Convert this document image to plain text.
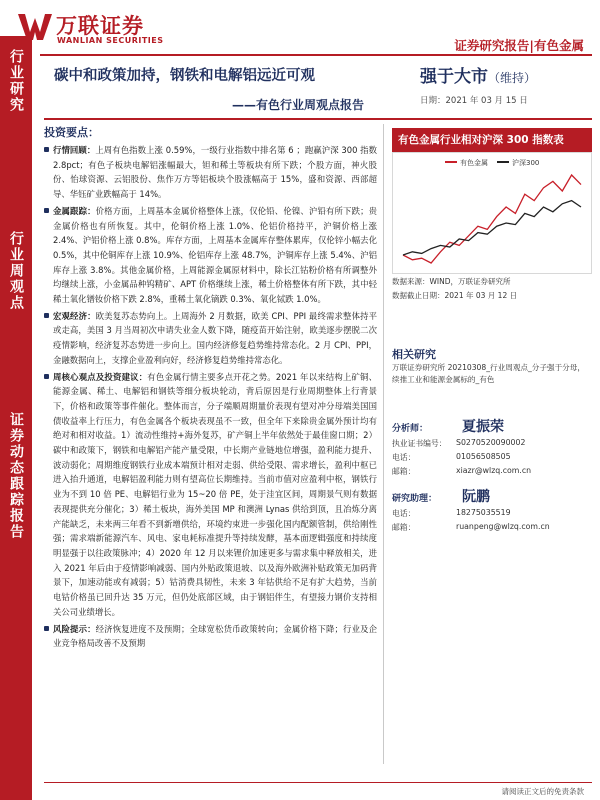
万联证券
WANLIAN SECURITIES	证券研究报告|有色金属
行业研究
行业周观点
证券动态跟踪报告
碳中和政策加持，钢铁和电解铝远近可观
——有色行业周观点报告
强于大市（维持）
日期：2021 年 03 月 15 日
投资要点：
行情回顾：上周有色指数上涨 0.59%，一级行业指数中排名第 6 ；跑赢沪深 300 指数 2.8pct；有色子板块电解铝涨幅最大，钽和稀土等板块有所下跌；个股方面，神火股份、怡球资源、云铝股份、焦作万方等铝板块个股涨幅高于 15%，盛和资源、西部超导、华钰矿业跌幅高于 14%。
金属跟踪：价格方面，上周基本金属价格整体上涨，仅伦铅、伦镍、沪铅有所下跌；贵金属价格也有所恢复。其中，伦铜价格上涨 1.0%、伦铝价格持平，沪铜价格上涨 2.4%、沪铝价格上涨 0.8%。库存方面，上周基本金属库存整体累库，仅伦锌小幅去化 0.5%，其中伦铜库存上涨 10.9%、伦铝库存上涨 48.7%，沪铜库存上涨 5.4%、沪铝库存上涨 3.8%。其他金属价格，上周能源金属原材料中，除长江钴粉价格有所调整外均继续上涨，小金属品种钨精矿、APT 价格继续上涨，稀土价格整体有所下跌，其中轻稀土氧化镨钕价格下跌 2.8%，重稀土氧化镝跌 0.3%、氧化铽跌 1.0%。
宏观经济：欧美复苏态势向上。上周海外 2 月数据，欧美 CPI、PPI 最终需求整体持平或走高，美国 3 月当周初次申请失业金人数下降，随疫苗开始注射，欧美逐步摆脱二次疫情影响，经济复苏态势进一步向上。国内经济修复趋势维持常态化。2 月 CPI、PPI，金融数据向上，支撑企业盈利向好，经济修复趋势维持常态化。
周核心观点及投资建议：有色金属行情主要多点开花之势。2021 年以来结构上矿铜、能源金属、稀土、电解铝和钢铁等细分板块轮动，背后原因是行业周期整体上行背景下，价格和政策等事件催化。整体而言，分子端顺周期量价表现有望对冲分母端美国国债收益率上行压力，有色金属各个板块表现虽不一致，但全年下来除贵金属外预计均有绝对和相对收益。1）流动性维持+海外复苏，矿产铜上半年依然处于最佳窗口期；2）碳中和政策下，钢铁和电解铝产能产量受限，中长期产业链地位增强，盈利能力提升、波动弱化；周期维度钢铁行业成本端预计相对走弱、供给受限、需求增长，盈利中枢已进入抬升通道，电解铝盈利能力则有望高位长期维持。当前市值对应盈利中枢，钢铁行业为不到 10 倍 PE、电解铝行业为 15~20 倍 PE，处于洼宜区间，周期景气则有数据表现提供充分催化；3）稀土板块，海外美国 MP 和澳洲 Lynas 供给到顶，且冶炼分离产能缺乏，未来两三年看不到新增供给，环境约束进一步强化国内配额管制，供给刚性强；需求端新能源汽车、风电、家电耗标准提升等持续发酵，基本面逻辑强度和持续度明显强于以往政策脉冲；4）2020 年 12 月以来锂价加速更多与需求集中释放相关，进入 2021 年后由于疫情影响减弱、国内外贴政策退坡、以及海外欧洲补贴政策无加码背景下，加速动能或有减弱；5）钴消费具韧性，未来 3 年钴供给不足有扩大趋势，当前电钴价格虽已回升达 35 万元，但仍处底部区域，由于钢铝伴生，有望接力钢价支持相关公司业绩增长。
风险提示：经济恢复进度不及预期；全球宽松货币政策转向；金属价格下降；行业及企业竞争格局改善不及预期
有色金属行业相对沪深 300 指数表
有色金属	沪深300
数据来源：WIND，万联证券研究所
数据截止日期：2021 年 03 月 12 日
相关研究
万联证券研究所 20210308_行业周观点_分子强于分母，续推工业和能源金属标的_有色
分析师： 夏振荣
执业证书编号： S0270520090002
电话：	01056508505
邮箱：	xiazr@wlzq.com.cn
研究助理： 阮鹏
电话：	18275035519
邮箱：	ruanpeng@wlzq.com.cn
请阅读正文后的免责条款
